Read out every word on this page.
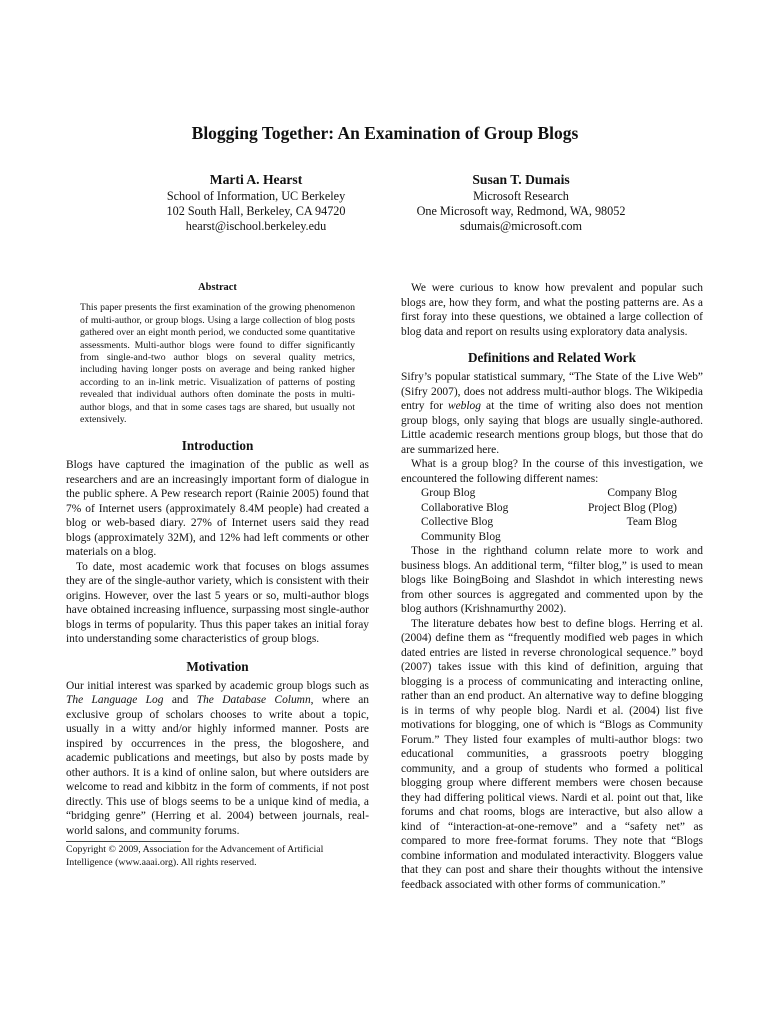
Blogging Together: An Examination of Group Blogs
Marti A. Hearst
School of Information, UC Berkeley
102 South Hall, Berkeley, CA 94720
hearst@ischool.berkeley.edu
Susan T. Dumais
Microsoft Research
One Microsoft way, Redmond, WA, 98052
sdumais@microsoft.com
Abstract

This paper presents the first examination of the growing phenomenon of multi-author, or group blogs. Using a large collection of blog posts gathered over an eight month period, we conducted some quantitative assessments. Multi-author blogs were found to differ significantly from single-and-two author blogs on several quality metrics, including having longer posts on average and being ranked higher according to an in-link metric. Visualization of patterns of posting revealed that individual authors often dominate the posts in multi-author blogs, and that in some cases tags are shared, but usually not extensively.

Introduction

Blogs have captured the imagination of the public as well as researchers and are an increasingly important form of dialogue in the public sphere. A Pew research report (Rainie 2005) found that 7% of Internet users (approximately 8.4M people) had created a blog or web-based diary. 27% of Internet users said they read blogs (approximately 32M), and 12% had left comments or other materials on a blog.

To date, most academic work that focuses on blogs assumes they are of the single-author variety, which is consistent with their origins. However, over the last 5 years or so, multi-author blogs have obtained increasing influence, surpassing most single-author blogs in terms of popularity. Thus this paper takes an initial foray into understanding some characteristics of group blogs.

Motivation

Our initial interest was sparked by academic group blogs such as The Language Log and The Database Column, where an exclusive group of scholars chooses to write about a topic, usually in a witty and/or highly informed manner. Posts are inspired by occurrences in the press, the blogoshere, and academic publications and meetings, but also by posts made by other authors. It is a kind of online salon, but where outsiders are welcome to read and kibbitz in the form of comments, if not post directly. This use of blogs seems to be a unique kind of media, a “bridging genre” (Herring et al. 2004) between journals, real-world salons, and community forums.

Copyright © 2009, Association for the Advancement of Artificial Intelligence (www.aaai.org). All rights reserved.

We were curious to know how prevalent and popular such blogs are, how they form, and what the posting patterns are. As a first foray into these questions, we obtained a large collection of blog data and report on results using exploratory data analysis.

Definitions and Related Work

Sifry’s popular statistical summary, “The State of the Live Web” (Sifry 2007), does not address multi-author blogs. The Wikipedia entry for weblog at the time of writing also does not mention group blogs, only saying that blogs are usually single-authored. Little academic research mentions group blogs, but those that do are summarized here.

What is a group blog? In the course of this investigation, we encountered the following different names:

Group Blog	Company Blog
Collaborative Blog	Project Blog (Plog)
Collective Blog	Team Blog
Community Blog

Those in the righthand column relate more to work and business blogs. An additional term, “filter blog,” is used to mean blogs like BoingBoing and Slashdot in which interesting news from other sources is aggregated and commented upon by the blog authors (Krishnamurthy 2002).

The literature debates how best to define blogs. Herring et al. (2004) define them as “frequently modified web pages in which dated entries are listed in reverse chronological sequence.” boyd (2007) takes issue with this kind of definition, arguing that blogging is a process of communicating and interacting online, rather than an end product. An alternative way to define blogging is in terms of why people blog. Nardi et al. (2004) list five motivations for blogging, one of which is “Blogs as Community Forum.” They listed four examples of multi-author blogs: two educational communities, a grassroots poetry blogging community, and a group of students who formed a political blogging group where different members were chosen because they had differing political views. Nardi et al. point out that, like forums and chat rooms, blogs are interactive, but also allow a kind of “interaction-at-one-remove” and a “safety net” as compared to more free-format forums. They note that “Blogs combine information and modulated interactivity. Bloggers value that they can post and share their thoughts without the intensive feedback associated with other forms of communication.”
